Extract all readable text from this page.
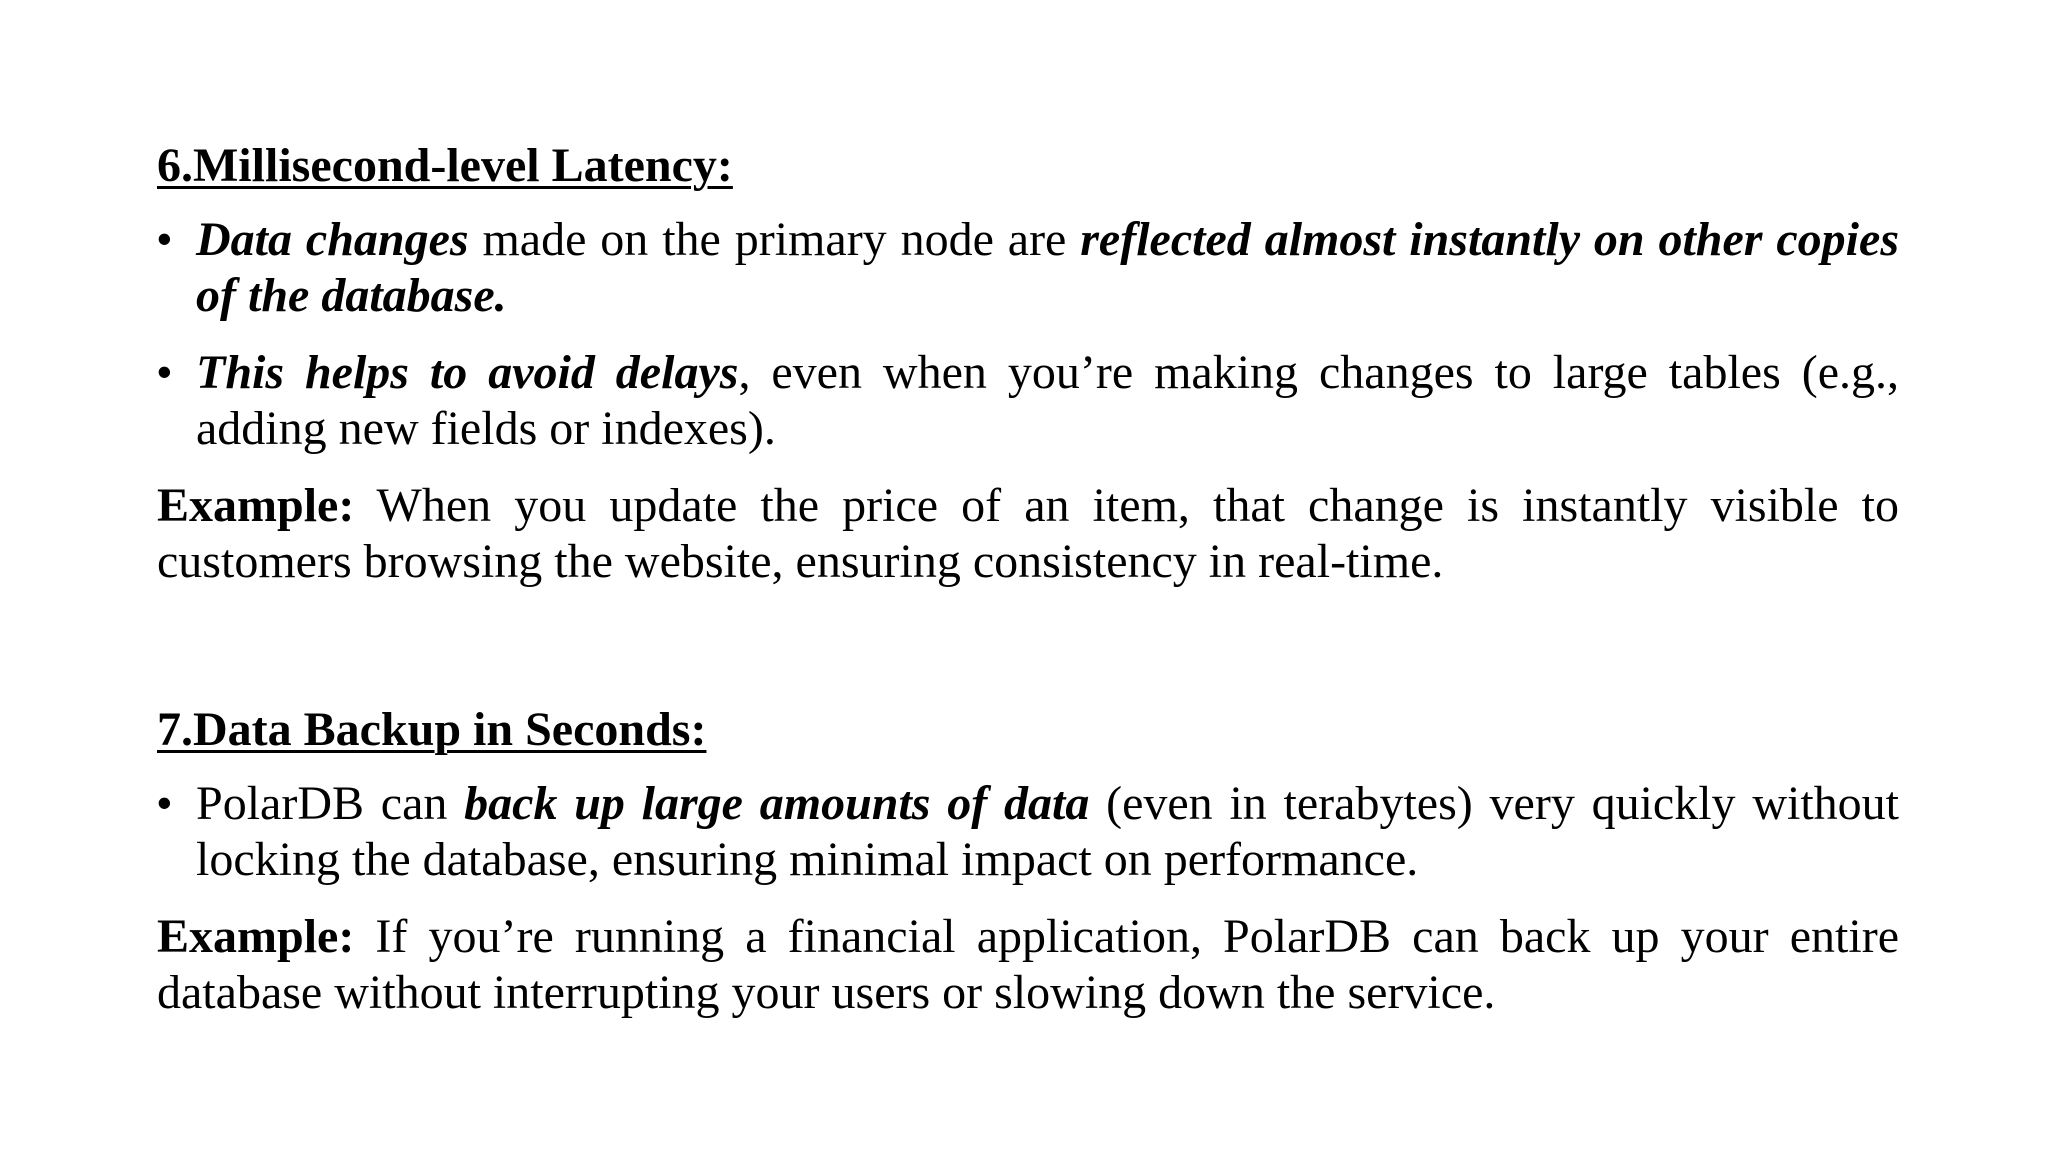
6.Millisecond-level Latency:
• Data changes made on the primary node are reflected almost instantly on other copies of the database.
• This helps to avoid delays, even when you’re making changes to large tables (e.g., adding new fields or indexes).

Example: When you update the price of an item, that change is instantly visible to customers browsing the website, ensuring consistency in real-time.

7.Data Backup in Seconds:
• PolarDB can back up large amounts of data (even in terabytes) very quickly without locking the database, ensuring minimal impact on performance.

Example: If you’re running a financial application, PolarDB can back up your entire database without interrupting your users or slowing down the service.
